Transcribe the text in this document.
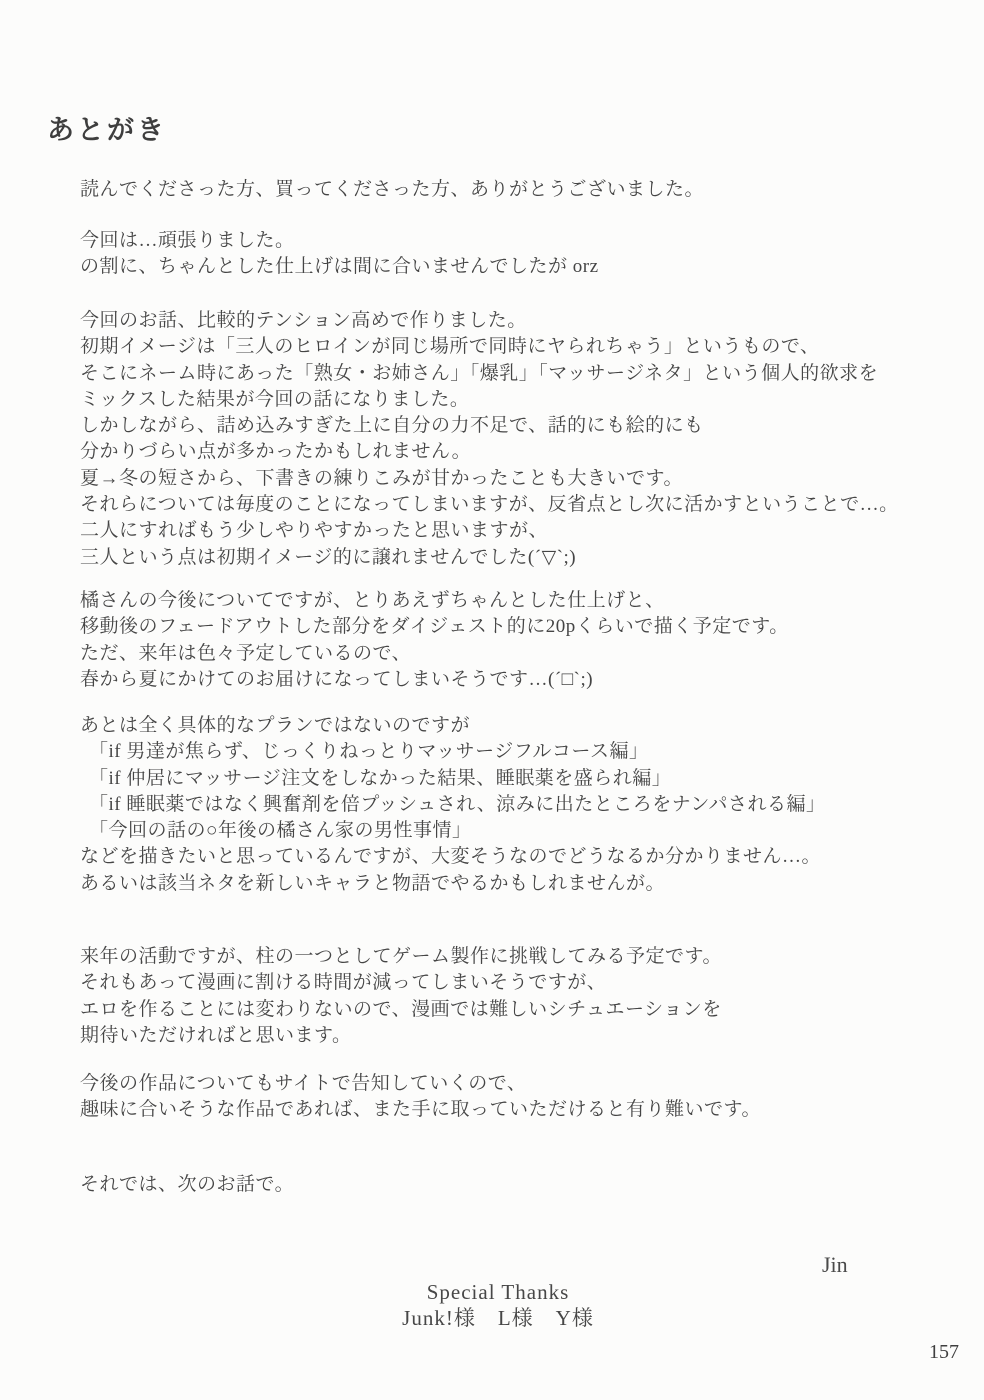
あとがき
読んでくださった方、買ってくださった方、ありがとうございました。
今回は…頑張りました。
の割に、ちゃんとした仕上げは間に合いませんでしたが orz
今回のお話、比較的テンション高めで作りました。
初期イメージは「三人のヒロインが同じ場所で同時にヤられちゃう」というもので、
そこにネーム時にあった「熟女・お姉さん」「爆乳」「マッサージネタ」という個人的欲求を
ミックスした結果が今回の話になりました。
しかしながら、詰め込みすぎた上に自分の力不足で、話的にも絵的にも
分かりづらい点が多かったかもしれません。
夏→冬の短さから、下書きの練りこみが甘かったことも大きいです。
それらについては毎度のことになってしまいますが、反省点とし次に活かすということで…。
二人にすればもう少しやりやすかったと思いますが、
三人という点は初期イメージ的に譲れませんでした(´▽`;)
橘さんの今後についてですが、とりあえずちゃんとした仕上げと、
移動後のフェードアウトした部分をダイジェスト的に20pくらいで描く予定です。
ただ、来年は色々予定しているので、
春から夏にかけてのお届けになってしまいそうです…(´□`;)
あとは全く具体的なプランではないのですが
「if 男達が焦らず、じっくりねっとりマッサージフルコース編」
「if 仲居にマッサージ注文をしなかった結果、睡眠薬を盛られ編」
「if 睡眠薬ではなく興奮剤を倍プッシュされ、涼みに出たところをナンパされる編」
「今回の話の○年後の橘さん家の男性事情」
などを描きたいと思っているんですが、大変そうなのでどうなるか分かりません…。
あるいは該当ネタを新しいキャラと物語でやるかもしれませんが。
来年の活動ですが、柱の一つとしてゲーム製作に挑戦してみる予定です。
それもあって漫画に割ける時間が減ってしまいそうですが、
エロを作ることには変わりないので、漫画では難しいシチュエーションを
期待いただければと思います。
今後の作品についてもサイトで告知していくので、
趣味に合いそうな作品であれば、また手に取っていただけると有り難いです。
それでは、次のお話で。
Jin
Special Thanks
Junk!様　L様　Y様
157
